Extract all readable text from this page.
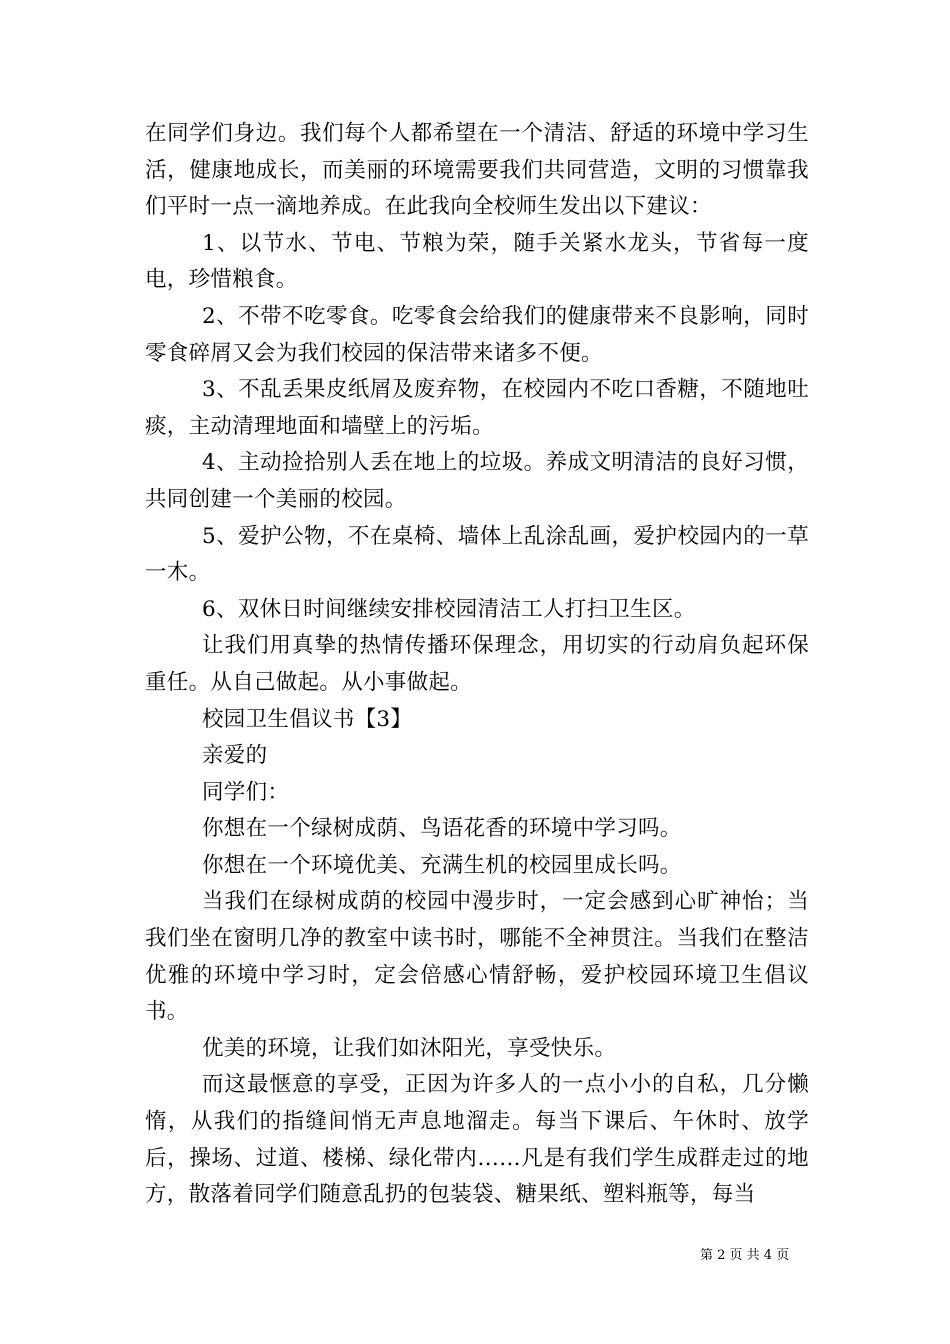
在同学们身边。我们每个人都希望在一个清洁、舒适的环境中学习生活，健康地成长，而美丽的环境需要我们共同营造，文明的习惯靠我们平时一点一滴地养成。在此我向全校师生发出以下建议：

1、以节水、节电、节粮为荣，随手关紧水龙头，节省每一度电，珍惜粮食。

2、不带不吃零食。吃零食会给我们的健康带来不良影响，同时零食碎屑又会为我们校园的保洁带来诸多不便。

3、不乱丢果皮纸屑及废弃物，在校园内不吃口香糖，不随地吐痰，主动清理地面和墙壁上的污垢。

4、主动捡拾别人丢在地上的垃圾。养成文明清洁的良好习惯，共同创建一个美丽的校园。

5、爱护公物，不在桌椅、墙体上乱涂乱画，爱护校园内的一草一木。

6、双休日时间继续安排校园清洁工人打扫卫生区。

让我们用真挚的热情传播环保理念，用切实的行动肩负起环保重任。从自己做起。从小事做起。

校园卫生倡议书【3】

亲爱的

同学们：

你想在一个绿树成荫、鸟语花香的环境中学习吗。

你想在一个环境优美、充满生机的校园里成长吗。

当我们在绿树成荫的校园中漫步时，一定会感到心旷神怡；当我们坐在窗明几净的教室中读书时，哪能不全神贯注。当我们在整洁优雅的环境中学习时，定会倍感心情舒畅，爱护校园环境卫生倡议书。

优美的环境，让我们如沐阳光，享受快乐。

而这最惬意的享受，正因为许多人的一点小小的自私，几分懒惰，从我们的指缝间悄无声息地溜走。每当下课后、午休时、放学后，操场、过道、楼梯、绿化带内……凡是有我们学生成群走过的地方，散落着同学们随意乱扔的包装袋、糖果纸、塑料瓶等，每当

第 2 页 共 4 页
